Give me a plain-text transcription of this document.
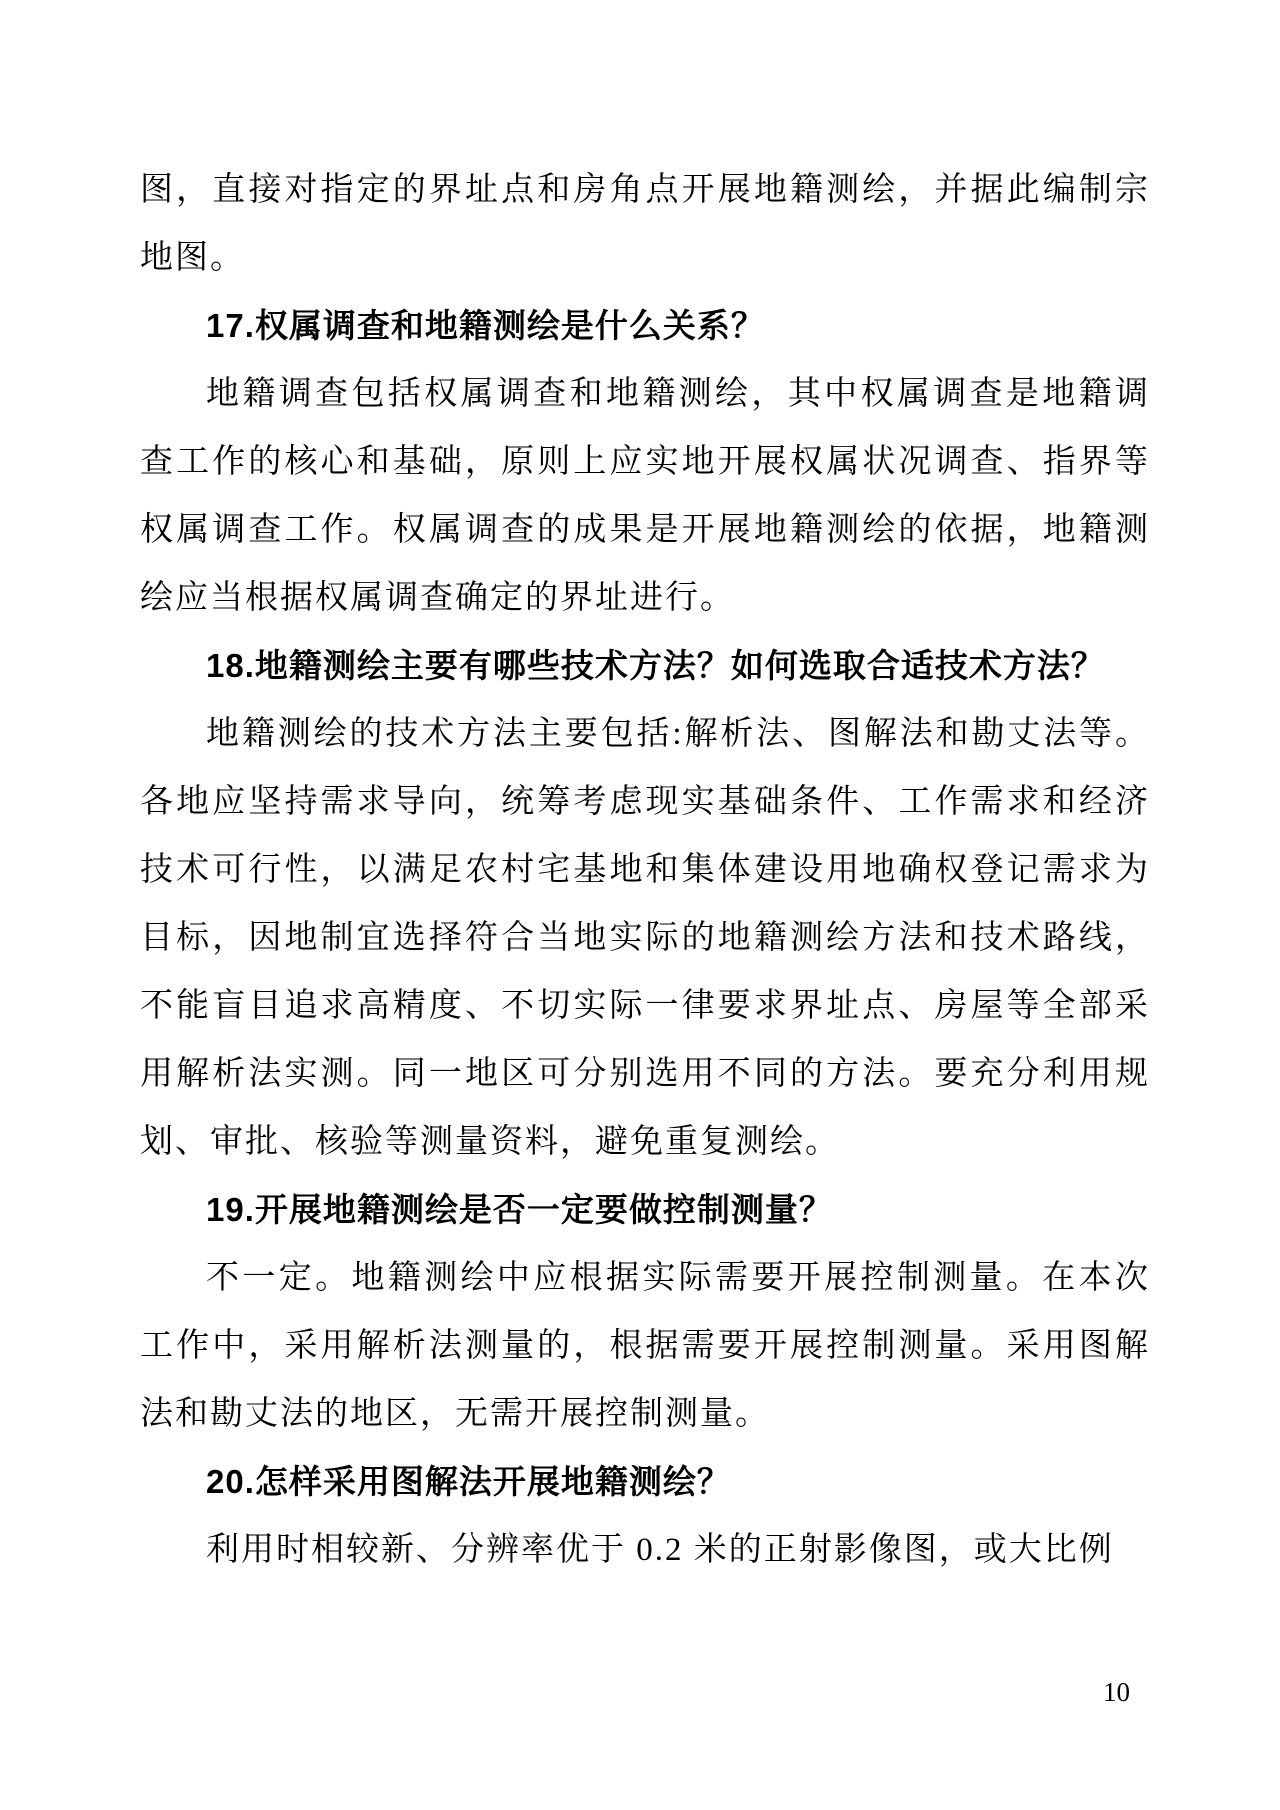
图，直接对指定的界址点和房角点开展地籍测绘，并据此编制宗地图。

17.权属调查和地籍测绘是什么关系？

地籍调查包括权属调查和地籍测绘，其中权属调查是地籍调查工作的核心和基础，原则上应实地开展权属状况调查、指界等权属调查工作。权属调查的成果是开展地籍测绘的依据，地籍测绘应当根据权属调查确定的界址进行。

18.地籍测绘主要有哪些技术方法？如何选取合适技术方法？

地籍测绘的技术方法主要包括:解析法、图解法和勘丈法等。各地应坚持需求导向，统筹考虑现实基础条件、工作需求和经济技术可行性，以满足农村宅基地和集体建设用地确权登记需求为目标，因地制宜选择符合当地实际的地籍测绘方法和技术路线，不能盲目追求高精度、不切实际一律要求界址点、房屋等全部采用解析法实测。同一地区可分别选用不同的方法。要充分利用规划、审批、核验等测量资料，避免重复测绘。

19.开展地籍测绘是否一定要做控制测量？

不一定。地籍测绘中应根据实际需要开展控制测量。在本次工作中，采用解析法测量的，根据需要开展控制测量。采用图解法和勘丈法的地区，无需开展控制测量。

20.怎样采用图解法开展地籍测绘？

利用时相较新、分辨率优于 0.2 米的正射影像图，或大比例

10
